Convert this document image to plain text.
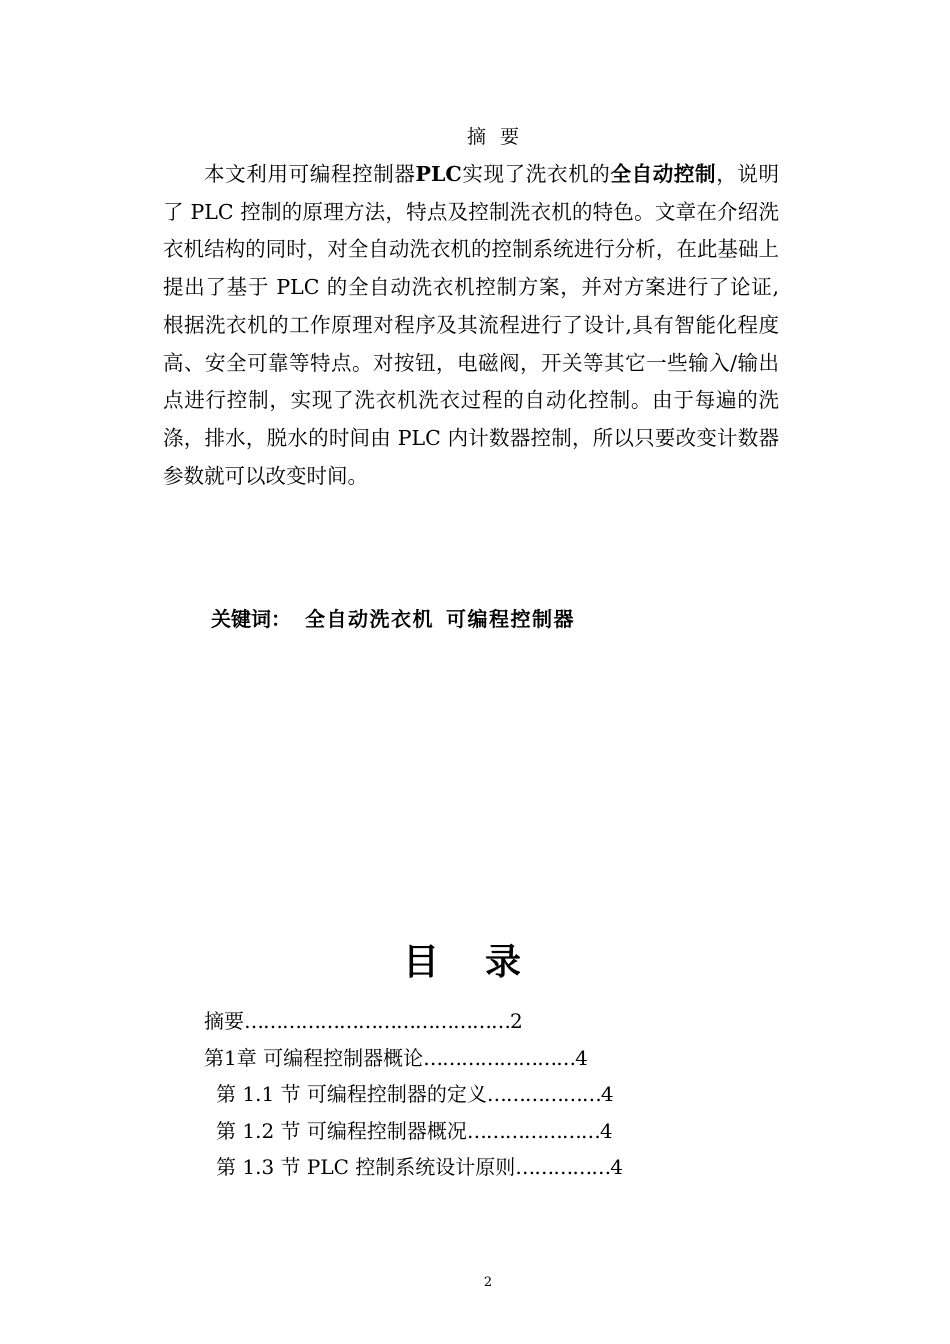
摘 要

本文利用可编程控制器PLC实现了洗衣机的全自动控制，说明了 PLC 控制的原理方法，特点及控制洗衣机的特色。文章在介绍洗衣机结构的同时，对全自动洗衣机的控制系统进行分析，在此基础上提出了基于 PLC 的全自动洗衣机控制方案，并对方案进行了论证,根据洗衣机的工作原理对程序及其流程进行了设计,具有智能化程度高、安全可靠等特点。对按钮，电磁阀，开关等其它一些输入/输出点进行控制，实现了洗衣机洗衣过程的自动化控制。由于每遍的洗涤，排水，脱水的时间由 PLC 内计数器控制，所以只要改变计数器参数就可以改变时间。

关键词： 全自动洗衣机 可编程控制器
目录
摘要……………………………………2
第1章 可编程控制器概论……………………4
第 1.1 节 可编程控制器的定义………………4
第 1.2 节 可编程控制器概况…………………4
第 1.3 节 PLC 控制系统设计原则……………4
2
